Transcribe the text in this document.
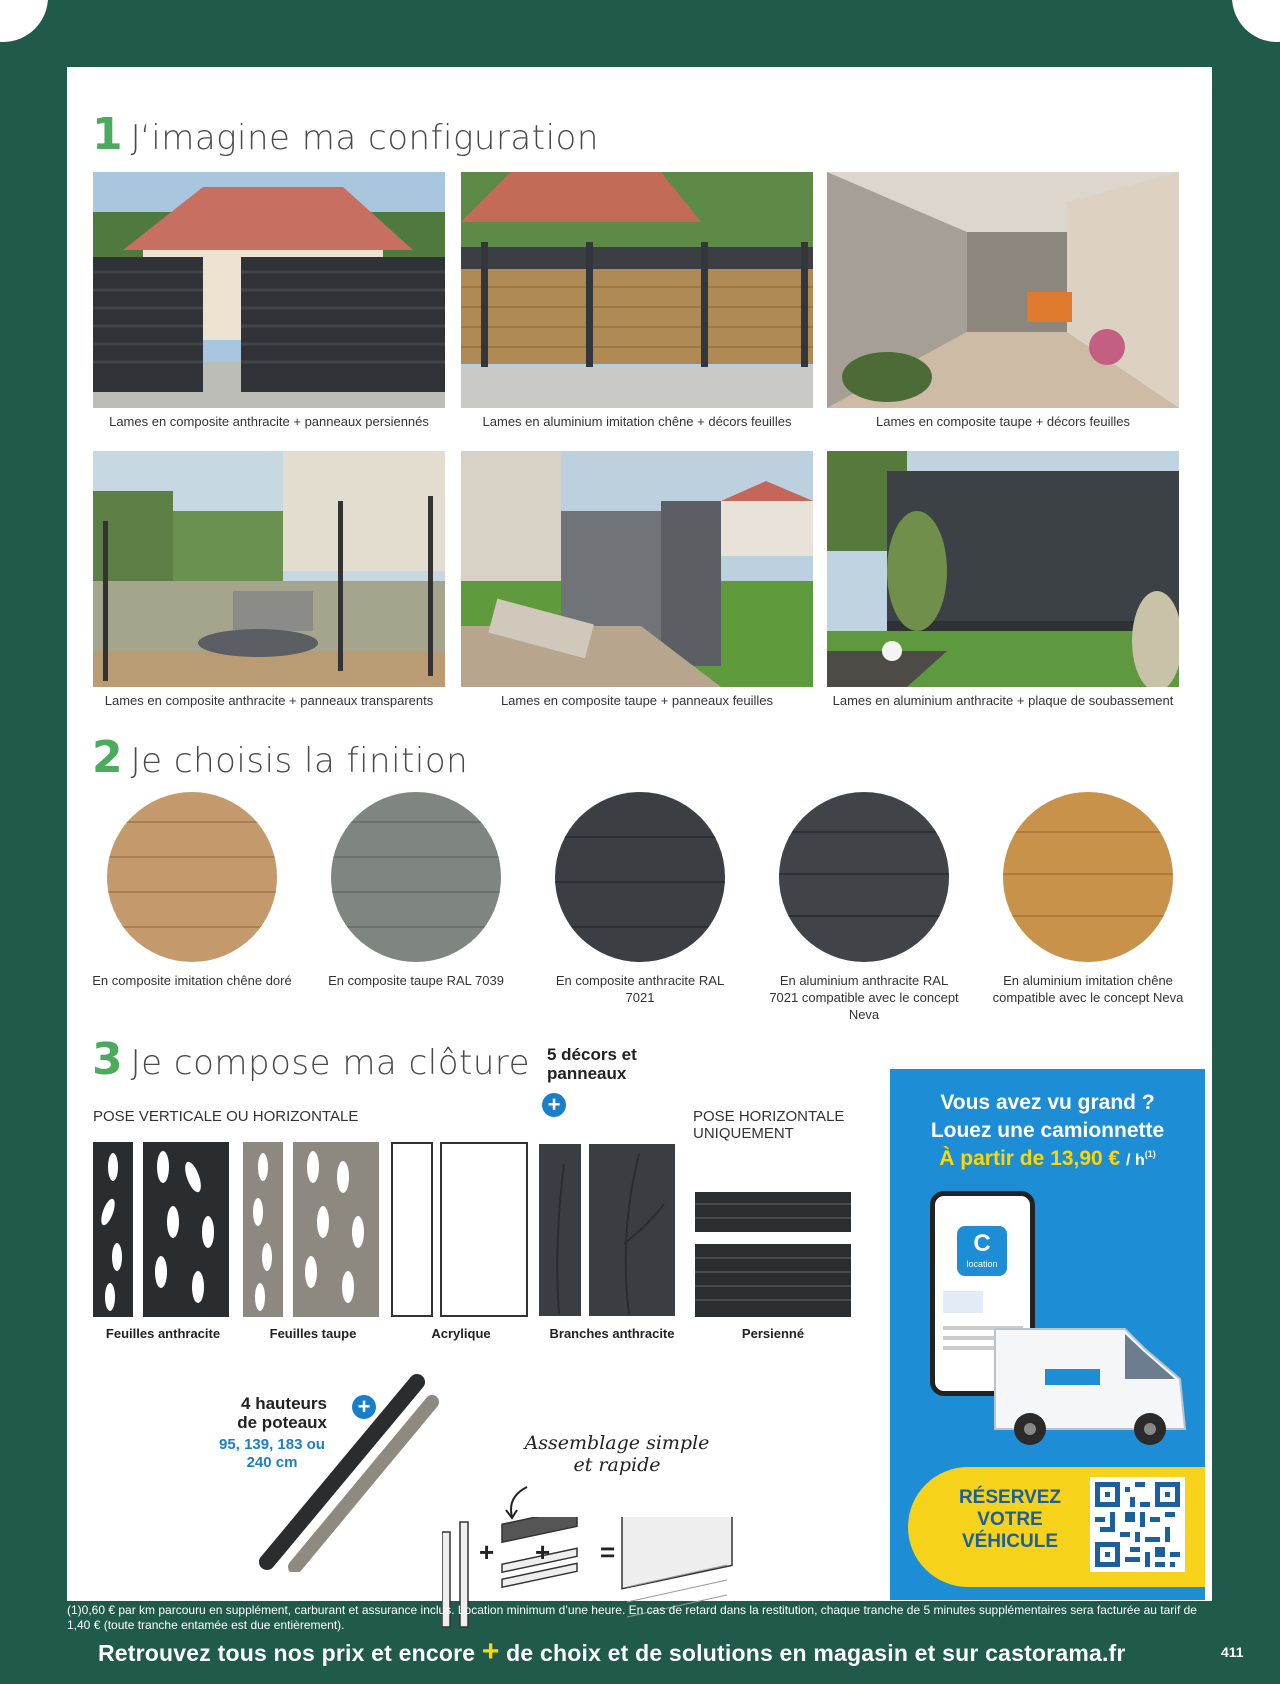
1 J‘imagine ma configuration
Lames en composite anthracite + panneaux persiennés	Lames en aluminium imitation chêne + décors feuilles	Lames en composite taupe + décors feuilles
Lames en composite anthracite + panneaux transparents	Lames en composite taupe + panneaux feuilles	Lames en aluminium anthracite + plaque de soubassement
2 Je choisis la finition
En composite imitation chêne doré	En composite taupe RAL 7039	En composite anthracite RAL 7021
En aluminium anthracite RAL 7021 compatible avec le concept Neva
En aluminium imitation chêne compatible avec le concept Neva
3 Je compose ma clôture 5 décors et panneaux
+
POSE VERTICALE OU HORIZONTALE	POSE HORIZONTALE UNIQUEMENT
Feuilles anthracite	Feuilles taupe	Acrylique	Branches anthracite	Persienné
4 hauteurs de poteaux
+
95, 139, 183 ou 240 cm
Assemblage simple et rapide
+ + =
Vous avez vu grand ?
Louez une camionnette
À partir de 13,90 € / $h^{(1)}$
C
location
RÉSERVEZ VOTRE VÉHICULE
(1)0,60 € par km parcouru en supplément, carburant et assurance inclus. Location minimum d’une heure. En cas de retard dans la restitution, chaque tranche de 5 minutes supplémentaires sera facturée au tarif de 1,40 € (toute tranche entamée est due entièrement).
Retrouvez tous nos prix et encore + de choix et de solutions en magasin et sur castorama.fr	411
